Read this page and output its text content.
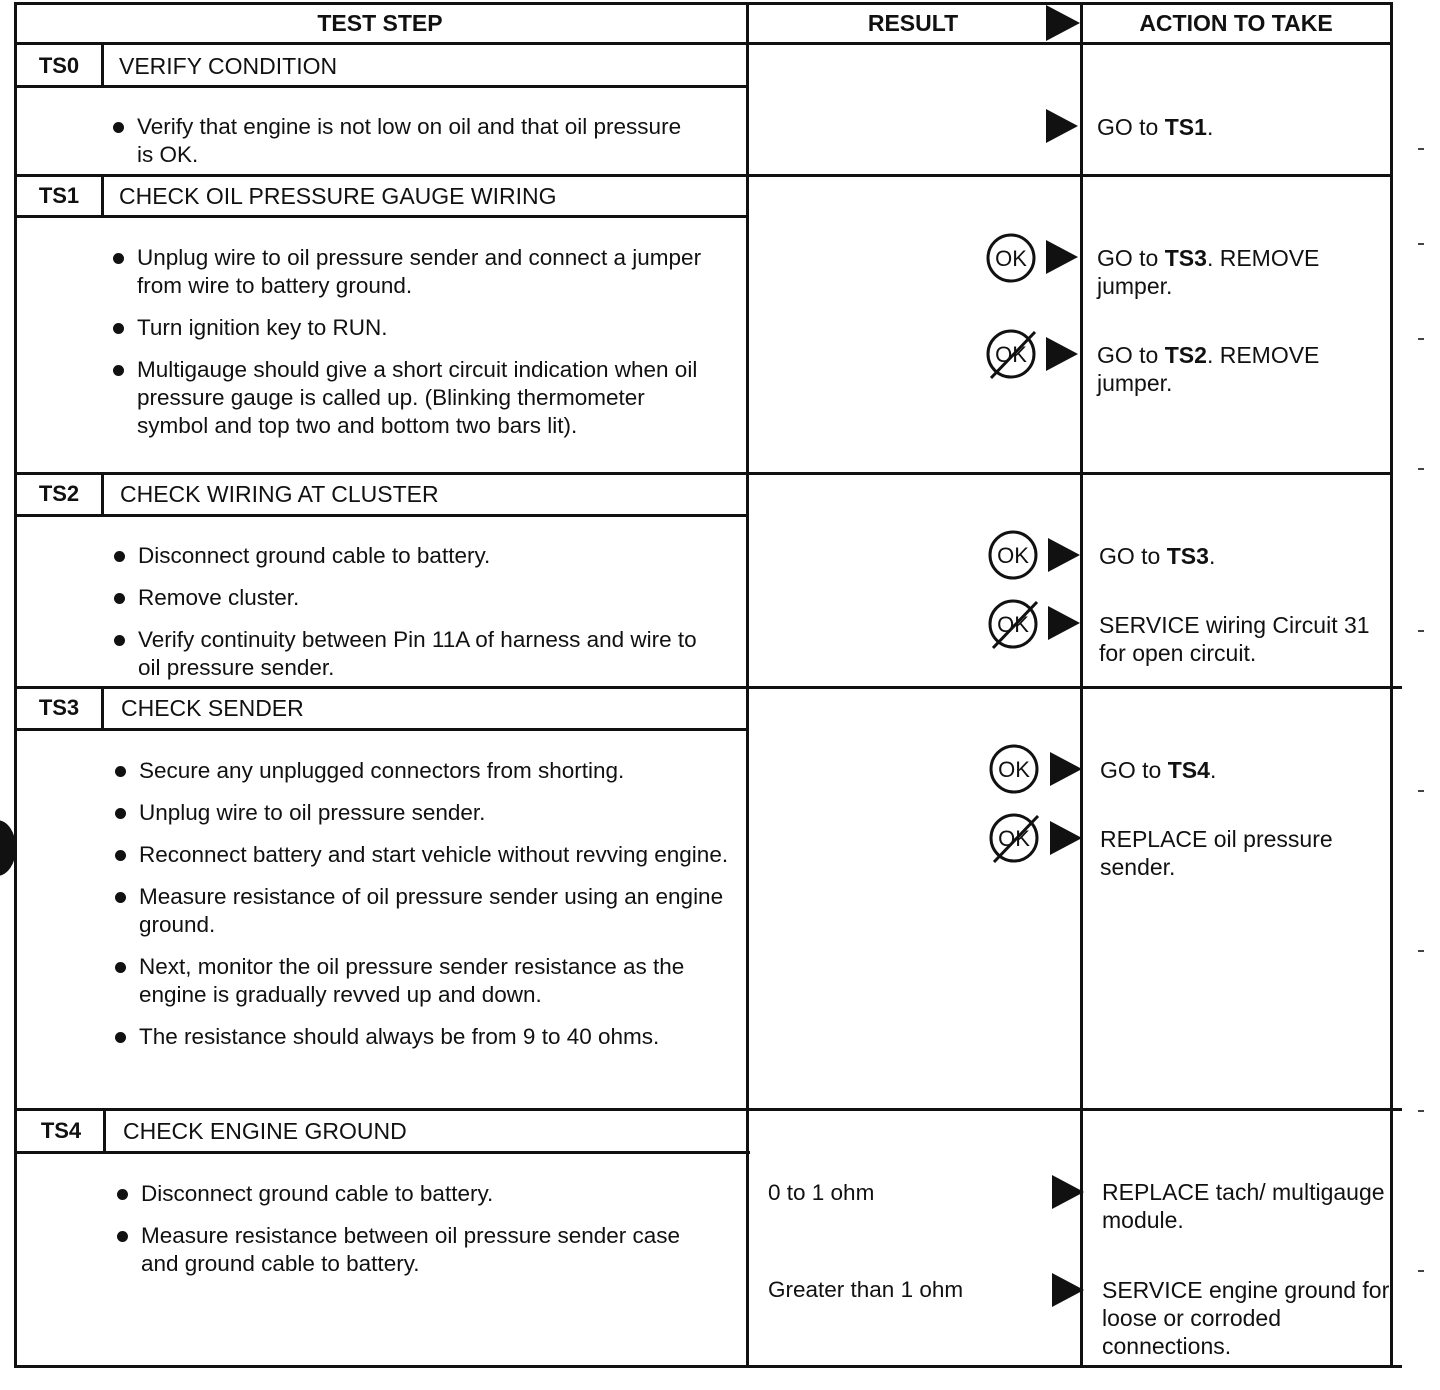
TEST STEP	RESULT	ACTION TO TAKE
TS0	VERIFY CONDITION
Verify that engine is not low on oil and that oil pressure is OK.
GO to TS1.
TS1	CHECK OIL PRESSURE GAUGE WIRING
Unplug wire to oil pressure sender and connect a jumper from wire to battery ground.
Turn ignition key to RUN.
Multigauge should give a short circuit indication when oil pressure gauge is called up. (Blinking thermometer symbol and top two and bottom two bars lit).
OK	GO to TS3. REMOVE jumper.
OK	GO to TS2. REMOVE jumper.
TS2	CHECK WIRING AT CLUSTER
Disconnect ground cable to battery.
Remove cluster.
Verify continuity between Pin 11A of harness and wire to oil pressure sender.
OK	GO to TS3.
OK	SERVICE wiring Circuit 31 for open circuit.
TS3	CHECK SENDER
Secure any unplugged connectors from shorting.
Unplug wire to oil pressure sender.
Reconnect battery and start vehicle without revving engine.
Measure resistance of oil pressure sender using an engine ground.
Next, monitor the oil pressure sender resistance as the engine is gradually revved up and down.
The resistance should always be from 9 to 40 ohms.
OK	GO to TS4.
OK	REPLACE oil pressure sender.
TS4	CHECK ENGINE GROUND
Disconnect ground cable to battery.
Measure resistance between oil pressure sender case and ground cable to battery.
0 to 1 ohm	REPLACE tach/ multigauge module.
Greater than 1 ohm	SERVICE engine ground for loose or corroded connections.
